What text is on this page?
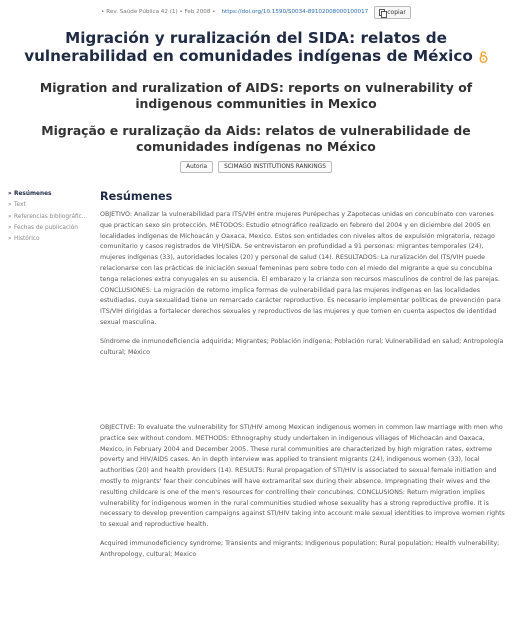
• Rev. Saúde Pública 42 (1) • Feb 2008 • https://doi.org/10.1590/S0034-89102008000100017	copiar
Migración y ruralización del SIDA: relatos de vulnerabilidad en comunidades indígenas de México
Migration and ruralization of AIDS: reports on vulnerability of indigenous communities in Mexico
Migração e ruralização da Aids: relatos de vulnerabilidade de comunidades indígenas no México
Autoria	SCIMAGO INSTITUTIONS RANKINGS
» Resúmenes
» Text
» Referencias bibliográfic...
» Fechas de publicación
» Histórico
Resúmenes

OBJETIVO: Analizar la vulnerabilidad para ITS/VIH entre mujeres Purépechas y Zapotecas unidas en concubinato con varones que practican sexo sin protección. MÉTODOS: Estudio etnográfico realizado en febrero del 2004 y en diciembre del 2005 en localidades indígenas de Michoacán y Oaxaca, Mexico. Estos son entidades con niveles altos de expulsión migratoria, rezago comunitario y casos registrados de VIH/SIDA. Se entrevistaron en profundidad a 91 personas: migrantes temporales (24), mujeres indígenas (33), autoridades locales (20) y personal de salud (14). RESULTADOS: La ruralización del ITS/VIH puede relacionarse con las prácticas de iniciación sexual femeninas pero sobre todo con el miedo del migrante a que su concubina tenga relaciones extra conyugales en su ausencia. El embarazo y la crianza son recursos masculinos de control de las parejas. CONCLUSIONES: La migración de retorno implica formas de vulnerabilidad para las mujeres indígenas en las localidades estudiadas, cuya sexualidad tiene un remarcado carácter reproductivo. Es necesario implementar políticas de prevención para ITS/VIH dirigidas a fortalecer derechos sexuales y reproductivos de las mujeres y que tomen en cuenta aspectos de identidad sexual masculina.

Síndrome de inmunodeficiencia adquirida; Migrantes; Población indígena; Población rural; Vulnerabilidad en salud; Antropología cultural; México

OBJECTIVE: To evaluate the vulnerability for STI/HIV among Mexican indigenous women in common law marriage with men who practice sex without condom. METHODS: Ethnography study undertaken in indigenous villages of Michoacán and Oaxaca, Mexico, in February 2004 and December 2005. These rural communities are characterized by high migration rates, extreme poverty and HIV/AIDS cases. An in depth interview was applied to transient migrants (24), indigenous women (33), local authorities (20) and health providers (14). RESULTS: Rural propagation of STI/HIV is associated to sexual female initiation and mostly to migrants' fear their concubines will have extramarital sex during their absence. Impregnating their wives and the resulting childcare is one of the men's resources for controlling their concubines. CONCLUSIONS: Return migration implies vulnerability for indigenous women in the rural communities studied whose sexuality has a strong reproductive profile. It is necessary to develop prevention campaigns against STI/HIV taking into account male sexual identities to improve women rights to sexual and reproductive health.

Acquired immunodeficiency syndrome; Transients and migrants; Indigenous population; Rural population; Health vulnerability; Anthropology, cultural; Mexico
